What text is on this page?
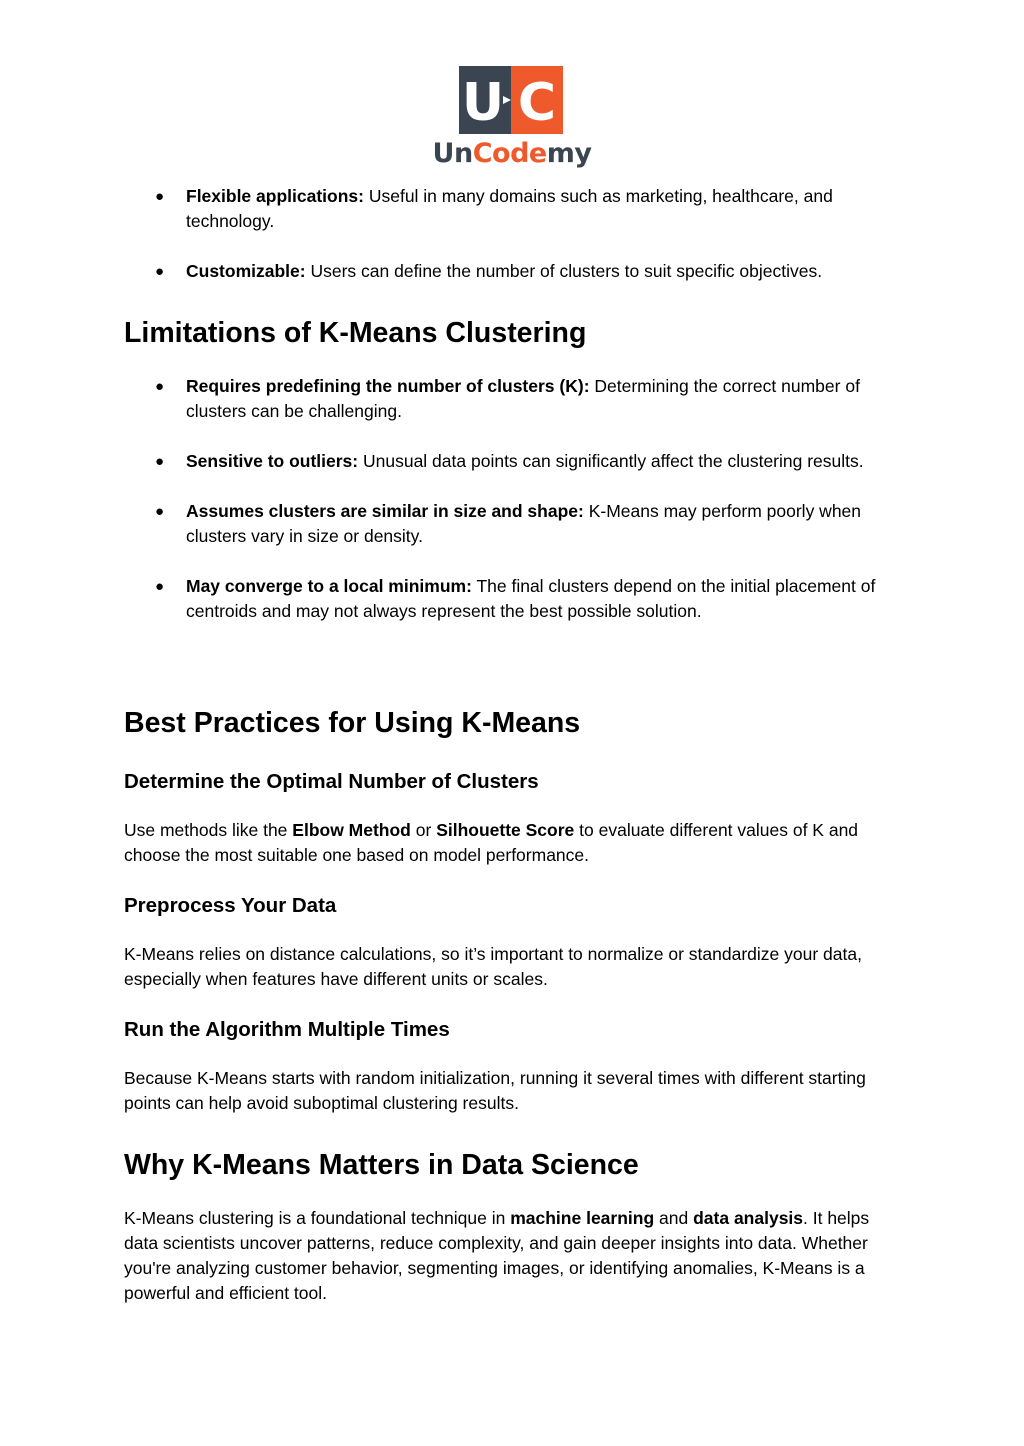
U C
UnCodemy
● Flexible applications: Useful in many domains such as marketing, healthcare, and technology.
● Customizable: Users can define the number of clusters to suit specific objectives.
Limitations of K-Means Clustering
● Requires predefining the number of clusters (K): Determining the correct number of clusters can be challenging.
● Sensitive to outliers: Unusual data points can significantly affect the clustering results.
● Assumes clusters are similar in size and shape: K-Means may perform poorly when clusters vary in size or density.
● May converge to a local minimum: The final clusters depend on the initial placement of centroids and may not always represent the best possible solution.
Best Practices for Using K-Means
Determine the Optimal Number of Clusters

Use methods like the Elbow Method or Silhouette Score to evaluate different values of K and choose the most suitable one based on model performance.

Preprocess Your Data

K-Means relies on distance calculations, so it’s important to normalize or standardize your data, especially when features have different units or scales.

Run the Algorithm Multiple Times

Because K-Means starts with random initialization, running it several times with different starting points can help avoid suboptimal clustering results.

Why K-Means Matters in Data Science

K-Means clustering is a foundational technique in machine learning and data analysis. It helps data scientists uncover patterns, reduce complexity, and gain deeper insights into data. Whether you're analyzing customer behavior, segmenting images, or identifying anomalies, K-Means is a powerful and efficient tool.
